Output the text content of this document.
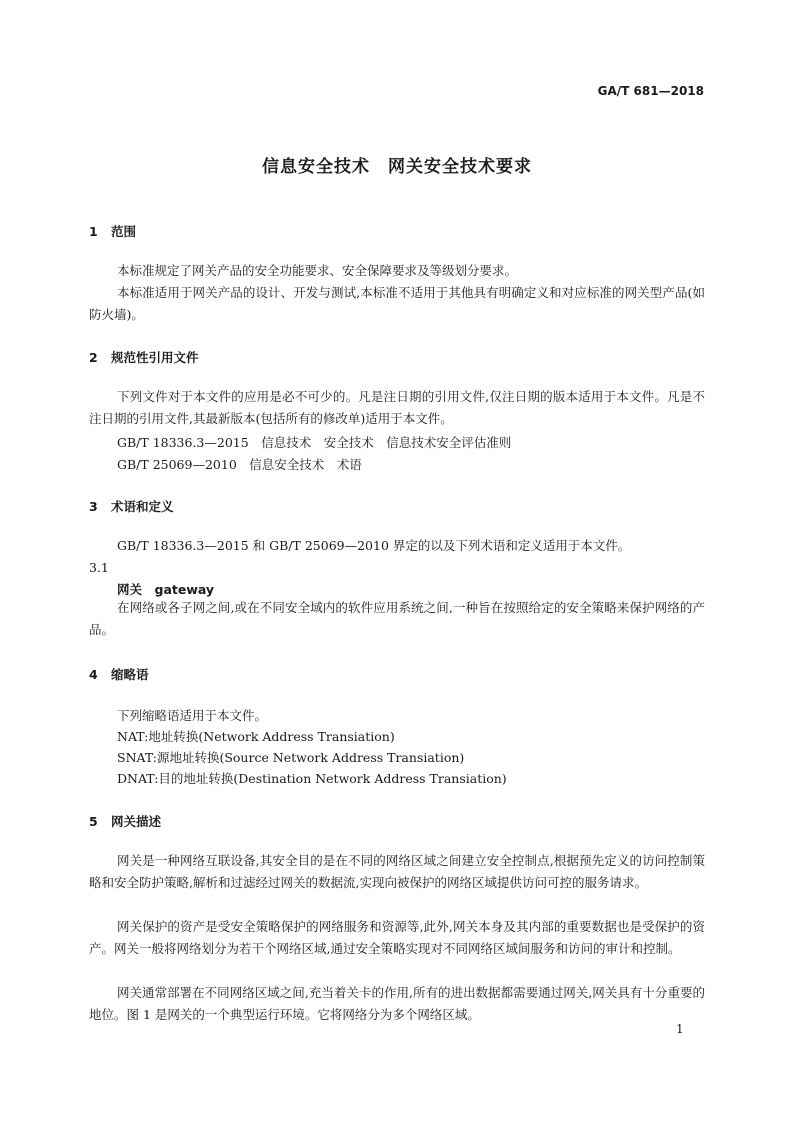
GA/T 681—2018
信息安全技术　网关安全技术要求
1 范围

本标准规定了网关产品的安全功能要求、安全保障要求及等级划分要求。

本标准适用于网关产品的设计、开发与测试,本标准不适用于其他具有明确定义和对应标准的网关型产品(如防火墙)。

2 规范性引用文件

下列文件对于本文件的应用是必不可少的。凡是注日期的引用文件,仅注日期的版本适用于本文件。凡是不注日期的引用文件,其最新版本(包括所有的修改单)适用于本文件。

GB/T 18336.3—2015　信息技术　安全技术　信息技术安全评估准则
GB/T 25069—2010　信息安全技术　术语
3 术语和定义

GB/T 18336.3—2015 和 GB/T 25069—2010 界定的以及下列术语和定义适用于本文件。

3.1
网关　gateway

在网络或各子网之间,或在不同安全域内的软件应用系统之间,一种旨在按照给定的安全策略来保护网络的产品。

4 缩略语
下列缩略语适用于本文件。
NAT:地址转换(Network Address Transiation)
SNAT:源地址转换(Source Network Address Transiation)
DNAT:目的地址转换(Destination Network Address Transiation)
5 网关描述

网关是一种网络互联设备,其安全目的是在不同的网络区域之间建立安全控制点,根据预先定义的访问控制策略和安全防护策略,解析和过滤经过网关的数据流,实现向被保护的网络区域提供访问可控的服务请求。

网关保护的资产是受安全策略保护的网络服务和资源等,此外,网关本身及其内部的重要数据也是受保护的资产。网关一般将网络划分为若干个网络区域,通过安全策略实现对不同网络区域间服务和访问的审计和控制。

网关通常部署在不同网络区域之间,充当着关卡的作用,所有的进出数据都需要通过网关,网关具有十分重要的地位。图 1 是网关的一个典型运行环境。它将网络分为多个网络区域。

1
